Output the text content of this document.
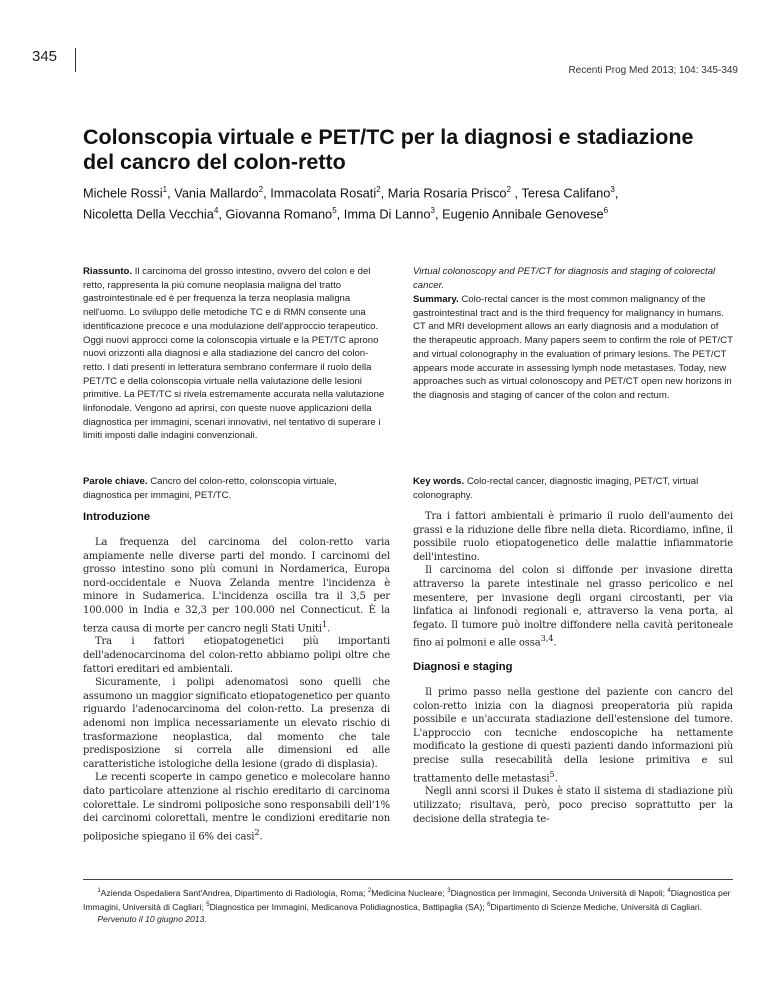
345
Recenti Prog Med 2013; 104: 345-349
Colonscopia virtuale e PET/TC per la diagnosi e stadiazione
del cancro del colon-retto
Michele Rossi$^1$, Vania Mallardo$^2$, Immacolata Rosati$^2$, Maria Rosaria Prisco$^2$ , Teresa Califano$^3$,
Nicoletta Della Vecchia$^4$, Giovanna Romano$^5$, Imma Di Lanno$^3$, Eugenio Annibale Genovese$^6$
Riassunto. Il carcinoma del grosso intestino, ovvero del colon e del retto, rappresenta la più comune neoplasia maligna del tratto gastrointestinale ed è per frequenza la terza neoplasia maligna nell'uomo. Lo sviluppo delle metodiche TC e di RMN consente una identificazione precoce e una modulazione dell'approccio terapeutico. Oggi nuovi approcci come la colonscopia virtuale e la PET/TC aprono nuovi orizzonti alla diagnosi e alla stadiazione del cancro del colon-retto. I dati presenti in letteratura sembrano confermare il ruolo della PET/TC e della colonscopia virtuale nella valutazione delle lesioni primitive. La PET/TC si rivela estremamente accurata nella valutazione linfonodale. Vengono ad aprirsi, con queste nuove applicazioni della diagnostica per immagini, scenari innovativi, nel tentativo di superare i limiti imposti dalle indagini convenzionali.
Parole chiave. Cancro del colon-retto, colonscopia virtuale, diagnostica per immagini, PET/TC.
Virtual colonoscopy and PET/CT for diagnosis and staging of colorectal cancer.
Summary. Colo-rectal cancer is the most common malignancy of the gastrointestinal tract and is the third frequency for malignancy in humans. CT and MRI development allows an early diagnosis and a modulation of the therapeutic approach. Many papers seem to confirm the role of PET/CT and virtual colonography in the evaluation of primary lesions. The PET/CT appears mode accurate in assessing lymph node metastases. Today, new approaches such as virtual colonoscopy and PET/CT open new horizons in the diagnosis and staging of cancer of the colon and rectum.
Key words. Colo-rectal cancer, diagnostic imaging, PET/CT, virtual colonography.
Introduzione

La frequenza del carcinoma del colon-retto varia ampiamente nelle diverse parti del mondo. I carcinomi del grosso intestino sono più comuni in Nordamerica, Europa nord-occidentale e Nuova Zelanda mentre l'incidenza è minore in Sudamerica. L'incidenza oscilla tra il 3,5 per 100.000 in India e 32,3 per 100.000 nel Connecticut. È la terza causa di morte per cancro negli Stati Uniti$^1$.

Tra i fattori etiopatogenetici più importanti dell'adenocarcinoma del colon-retto abbiamo polipi oltre che fattori ereditari ed ambientali.

Sicuramente, i polipi adenomatosi sono quelli che assumono un maggior significato etiopatogenetico per quanto riguardo l'adenocarcinoma del colon-retto. La presenza di adenomi non implica necessariamente un elevato rischio di trasformazione neoplastica, dal momento che tale predisposizione si correla alle dimensioni ed alle caratteristiche istologiche della lesione (grado di displasia).

Le recenti scoperte in campo genetico e molecolare hanno dato particolare attenzione al rischio ereditario di carcinoma colorettale. Le sindromi poliposiche sono responsabili dell'1% dei carcinomi colorettali, mentre le condizioni ereditarie non poliposiche spiegano il 6% dei casi$^2$.

Tra i fattori ambientali è primario il ruolo dell'aumento dei grassi e la riduzione delle fibre nella dieta. Ricordiamo, infine, il possibile ruolo etiopatogenetico delle malattie infiammatorie dell'intestino.

Il carcinoma del colon si diffonde per invasione diretta attraverso la parete intestinale nel grasso pericolico e nel mesentere, per invasione degli organi circostanti, per via linfatica ai linfonodi regionali e, attraverso la vena porta, al fegato. Il tumore può inoltre diffondere nella cavità peritoneale fino ai polmoni e alle ossa$^{3,4}$.

Diagnosi e staging

Il primo passo nella gestione del paziente con cancro del colon-retto inizia con la diagnosi preoperatoria più rapida possibile e un'accurata stadiazione dell'estensione del tumore. L'approccio con tecniche endoscopiche ha nettamente modificato la gestione di questi pazienti dando informazioni più precise sulla resecabilità della lesione primitiva e sul trattamento delle metastasi$^5$.

Negli anni scorsi il Dukes è stato il sistema di stadiazione più utilizzato; risultava, però, poco preciso soprattutto per la decisione della strategia te-

$^1$Azienda Ospedaliera Sant'Andrea, Dipartimento di Radiologia, Roma; $^2$Medicina Nucleare; $^3$Diagnostica per Immagini, Seconda Università di Napoli; $^4$Diagnostica per Immagini, Università di Cagliari; $^5$Diagnostica per Immagini, Medicanova Polidiagnostica, Battipaglia (SA); $^6$Dipartimento di Scienze Mediche, Università di Cagliari.
Pervenuto il 10 giugno 2013.
